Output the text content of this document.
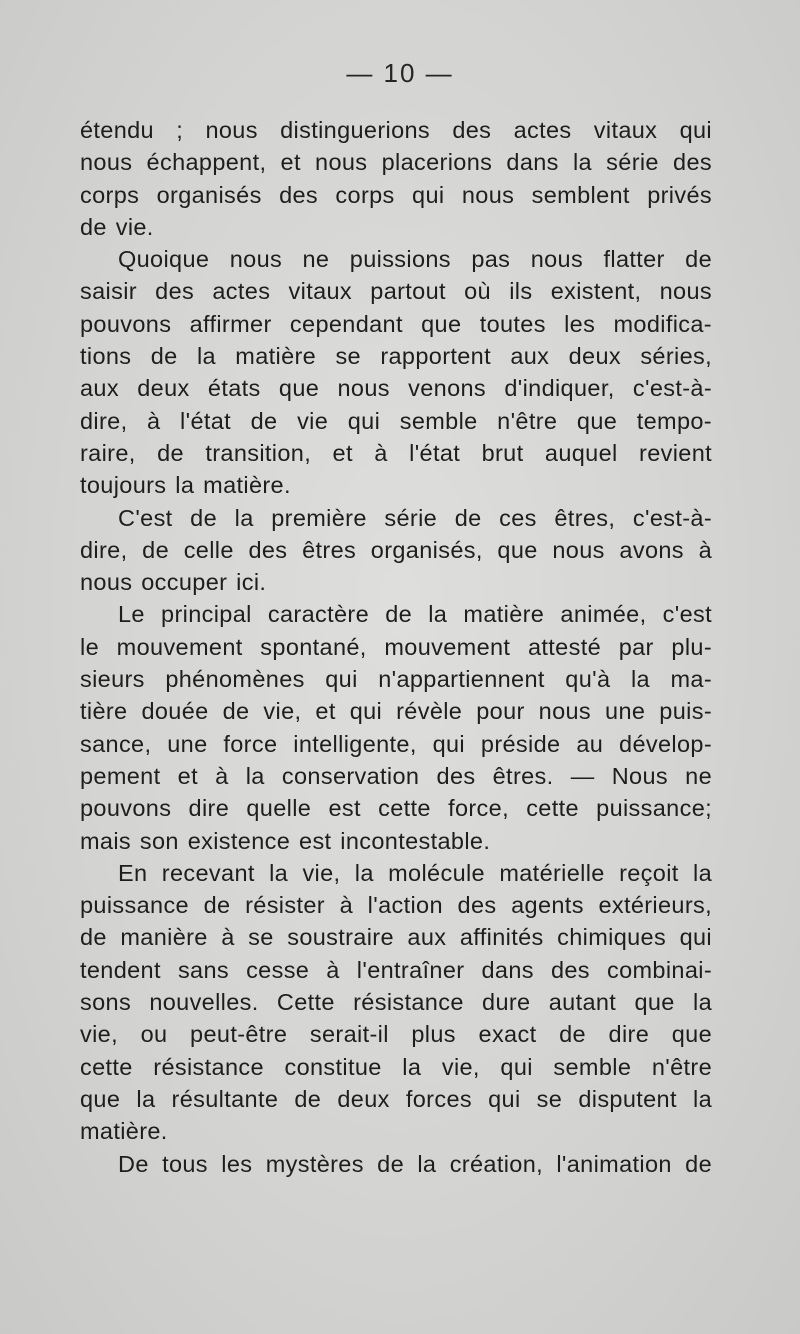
— 10 —
étendu ; nous distinguerions des actes vitaux qui
nous échappent, et nous placerions dans la série des
corps organisés des corps qui nous semblent privés
de vie.
Quoique nous ne puissions pas nous flatter de
saisir des actes vitaux partout où ils existent, nous
pouvons affirmer cependant que toutes les modifica-
tions de la matière se rapportent aux deux séries,
aux deux états que nous venons d'indiquer, c'est-à-
dire, à l'état de vie qui semble n'être que tempo-
raire, de transition, et à l'état brut auquel revient
toujours la matière.
C'est de la première série de ces êtres, c'est-à-
dire, de celle des êtres organisés, que nous avons à
nous occuper ici.
Le principal caractère de la matière animée, c'est
le mouvement spontané, mouvement attesté par plu-
sieurs phénomènes qui n'appartiennent qu'à la ma-
tière douée de vie, et qui révèle pour nous une puis-
sance, une force intelligente, qui préside au dévelop-
pement et à la conservation des êtres. — Nous ne
pouvons dire quelle est cette force, cette puissance;
mais son existence est incontestable.
En recevant la vie, la molécule matérielle reçoit la
puissance de résister à l'action des agents extérieurs,
de manière à se soustraire aux affinités chimiques qui
tendent sans cesse à l'entraîner dans des combinai-
sons nouvelles. Cette résistance dure autant que la
vie, ou peut-être serait-il plus exact de dire que
cette résistance constitue la vie, qui semble n'être
que la résultante de deux forces qui se disputent la
matière.
De tous les mystères de la création, l'animation de
